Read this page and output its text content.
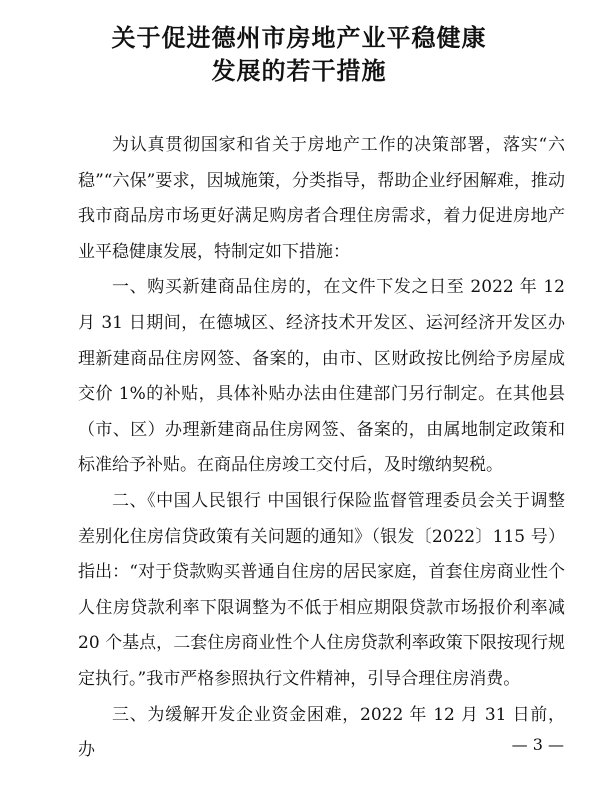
关于促进德州市房地产业平稳健康
发展的若干措施

为认真贯彻国家和省关于房地产工作的决策部署，落实“六稳”“六保”要求，因城施策，分类指导，帮助企业纾困解难，推动我市商品房市场更好满足购房者合理住房需求，着力促进房地产业平稳健康发展，特制定如下措施：

一、购买新建商品住房的，在文件下发之日至 2022 年 12 月 31 日期间，在德城区、经济技术开发区、运河经济开发区办理新建商品住房网签、备案的，由市、区财政按比例给予房屋成交价 1%的补贴，具体补贴办法由住建部门另行制定。在其他县（市、区）办理新建商品住房网签、备案的，由属地制定政策和标准给予补贴。在商品住房竣工交付后，及时缴纳契税。

二、《中国人民银行 中国银行保险监督管理委员会关于调整差别化住房信贷政策有关问题的通知》（银发〔2022〕115 号）指出：“对于贷款购买普通自住房的居民家庭，首套住房商业性个人住房贷款利率下限调整为不低于相应期限贷款市场报价利率减 20 个基点，二套住房商业性个人住房贷款利率政策下限按现行规定执行。”我市严格参照执行文件精神，引导合理住房消费。

三、为缓解开发企业资金困难，2022 年 12 月 31 日前，办	— 3 —
